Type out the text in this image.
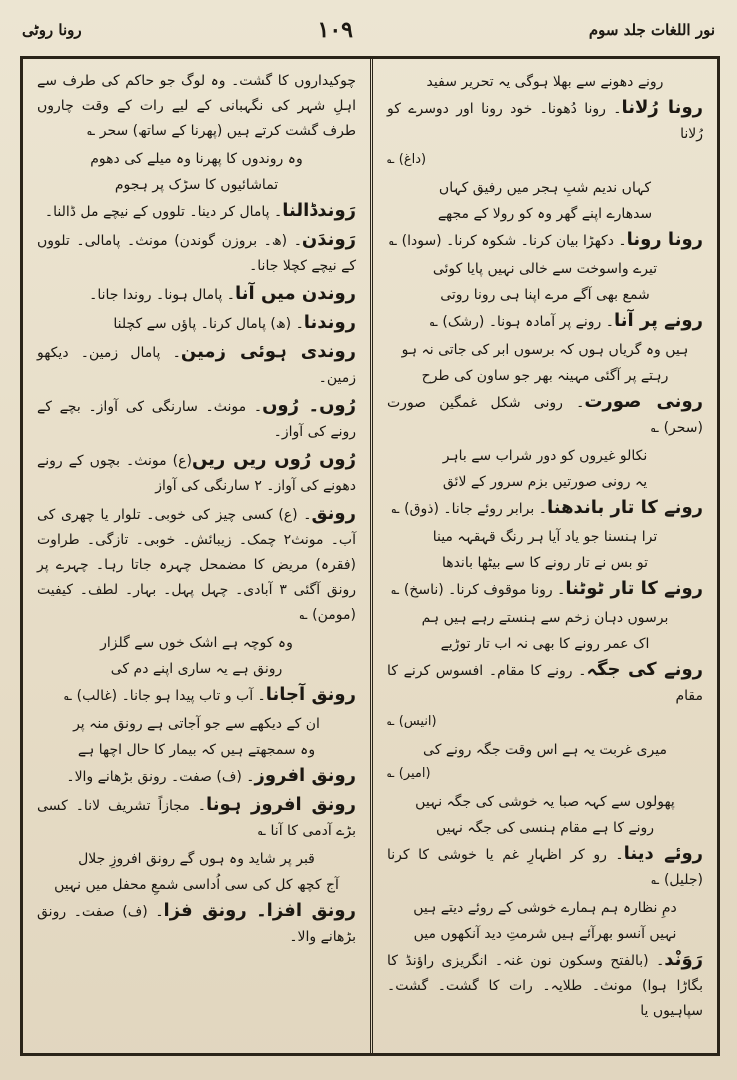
نور اللغات جلد سوم
١٠٩
رونا روٹی

رونے دھونے سے بھلا ہوگی یہ تحریر سفید

رونا رُلانا۔ رونا دُھونا۔ خود رونا اور دوسرے کو رُلانا

(داغ) ؎

کہاں ندیم شبِ ہجر میں رفیق کہاں

سدھارے اپنے گھر وہ کو رولا کے مجھے

رونا رونا۔ دکھڑا بیان کرنا۔ شکوہ کرنا۔ (سودا) ؎

تیرے واسوخت سے خالی نہیں پایا کوئی

شمع بھی آگے مرے اپنا ہی رونا روتی

رونے پر آنا۔ رونے پر آمادہ ہونا۔ (رشک) ؎

ہیں وہ گریاں ہوں کہ برسوں ابر کی جاتی نہ ہو

رہتے پر آگئی مہینہ بھر جو ساون کی طرح

رونی صورت۔ رونی شکل غمگین صورت (سحر) ؎

نکالو غیروں کو دور شراب سے باہر

یہ رونی صورتیں بزم سرور کے لائق

رونے کا تار باندھنا۔ برابر روئے جانا۔ (ذوق) ؎

ترا ہنسنا جو یاد آیا ہر رنگ قہقہہ مینا

تو بس نے تار رونے کا سے بیٹھا باندھا

رونے کا تار ٹوٹنا۔ رونا موقوف کرنا۔ (ناسخ) ؎

برسوں دہان زخم سے ہنستے رہے ہیں ہم

اک عمر رونے کا بھی نہ اب تار توڑیے

رونے کی جگہ۔ رونے کا مقام۔ افسوس کرنے کا مقام

(انیس) ؎

میری غربت یہ ہے اس وقت جگہ رونے کی

(امیر) ؎

پھولوں سے کہہ صبا یہ خوشی کی جگہ نہیں

رونے کا ہے مقام ہنسی کی جگہ نہیں

روئے دینا۔ رو کر اظہارِ غم یا خوشی کا کرنا (جلیل) ؎

دمِ نظارہ ہم ہمارے خوشی کے روئے دیتے ہیں

نہیں آنسو بھرآئے ہیں شرمتِ دید آنکھوں میں

رَوَنْد۔ (بالفتح وسکون نون غنہ۔ انگریزی راؤنڈ کا بگاڑا ہوا) مونث۔ طلایہ۔ رات کا گشت۔ گشت۔ سپاہیوں یا

چوکیداروں کا گشت۔ وہ لوگ جو حاکم کی طرف سے اہلِ شہر کی نگہبانی کے لیے رات کے وقت چاروں طرف گشت کرتے ہیں (پھرنا کے ساتھ) سحر ؎

وہ روندوں کا پھرنا وہ میلے کی دھوم

تماشائیوں کا سڑک پر ہجوم

رَوندڈالنا۔ پامال کر دینا۔ تلووں کے نیچے مل ڈالنا۔

رَوندَن۔ (ھ۔ بروزن گوندن) مونث۔ پامالی۔ تلووں کے نیچے کچلا جانا۔

روندن میں آنا۔ پامال ہونا۔ روندا جانا۔

روندنا۔ (ھ) پامال کرنا۔ پاؤں سے کچلنا

روندی ہوئی زمین۔ پامال زمین۔ دیکھو زمین۔

رُوں۔ رُوں۔ مونث۔ سارنگی کی آواز۔ بچے کے رونے کی آواز۔

رُوں رُوں ریں ریں(ع) مونث۔ بچوں کے رونے دھونے کی آواز۔ ۲ سارنگی کی آواز

رونق۔ (ع) کسی چیز کی خوبی۔ تلوار یا چھری کی آب۔ مونث۲ چمک۔ زیبائش۔ خوبی۔ تازگی۔ طراوت (فقرہ) مریض کا مضمحل چہرہ جاتا رہا۔ چہرے پر رونق آگئی ۳ آبادی۔ چہل پہل۔ بہار۔ لطف۔ کیفیت (مومن) ؎

وہ کوچہ ہے اشک خوں سے گلزار

رونق ہے یہ ساری اپنے دم کی

رونق آجانا۔ آب و تاب پیدا ہو جانا۔ (غالب) ؎

ان کے دیکھے سے جو آجاتی ہے رونق منہ پر

وہ سمجھتے ہیں کہ بیمار کا حال اچھا ہے

رونق افروز۔ (ف) صفت۔ رونق بڑھانے والا۔

رونق افروز ہونا۔ مجازاً تشریف لانا۔ کسی بڑے آدمی کا آنا ؎

قبر پر شاید وہ ہوں گے رونق افروزِ جلال

آج کچھ کل کی سی اُداسی شمعِ محفل میں نہیں

رونق افزا۔ رونق فزا۔ (ف) صفت۔ رونق بڑھانے والا۔
